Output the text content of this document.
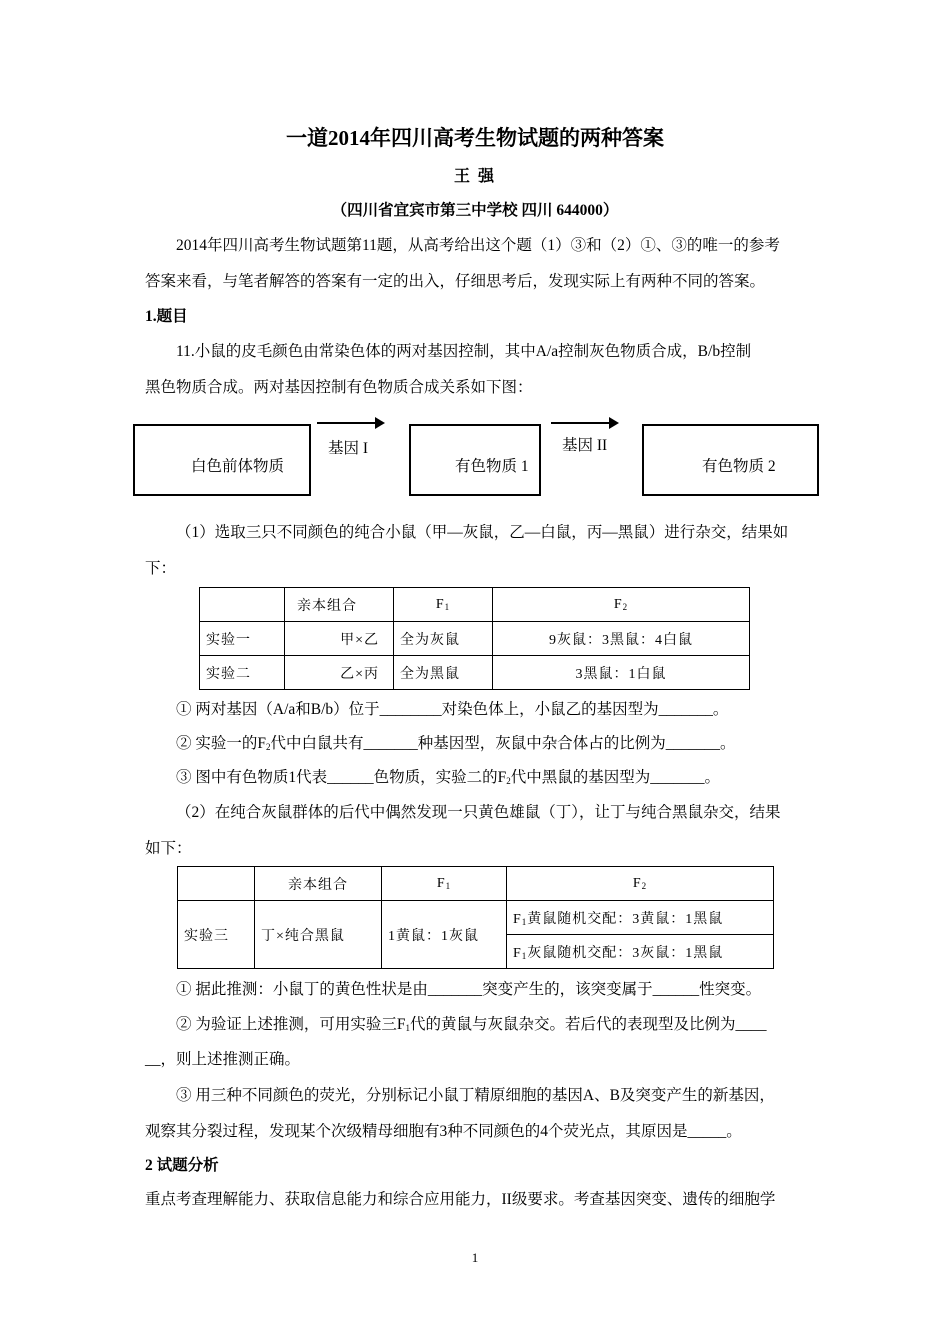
一道2014年四川高考生物试题的两种答案
王 强
（四川省宜宾市第三中学校 四川 644000）
2014年四川高考生物试题第11题，从高考给出这个题（1）③和（2）①、③的唯一的参考
答案来看，与笔者解答的答案有一定的出入，仔细思考后，发现实际上有两种不同的答案。
1.题目
11.小鼠的皮毛颜色由常染色体的两对基因控制，其中A/a控制灰色物质合成，B/b控制
黑色物质合成。两对基因控制有色物质合成关系如下图：
白色前体物质
基因 I
有色物质 1
基因 II
有色物质 2
（1）选取三只不同颜色的纯合小鼠（甲—灰鼠，乙—白鼠，丙—黑鼠）进行杂交，结果如
下：
	亲本组合	$F_1$	$F_2$
实验一	甲×乙	全为灰鼠	9灰鼠：3黑鼠：4白鼠
实验二	乙×丙	全为黑鼠	3黑鼠：1白鼠
① 两对基因（A/a和B/b）位于________对染色体上，小鼠乙的基因型为_______。
② 实验一的$F_2$代中白鼠共有_______种基因型，灰鼠中杂合体占的比例为_______。
③ 图中有色物质1代表______色物质，实验二的$F_2$代中黑鼠的基因型为_______。
（2）在纯合灰鼠群体的后代中偶然发现一只黄色雄鼠（丁），让丁与纯合黑鼠杂交，结果
如下：
	亲本组合	$F_1$	$F_2$
实验三	丁×纯合黑鼠	1黄鼠：1灰鼠	$F_1$黄鼠随机交配：3黄鼠：1黑鼠
			$F_1$灰鼠随机交配：3灰鼠：1黑鼠
① 据此推测：小鼠丁的黄色性状是由_______突变产生的，该突变属于______性突变。
② 为验证上述推测，可用实验三$F_1$代的黄鼠与灰鼠杂交。若后代的表现型及比例为____
__，则上述推测正确。
③ 用三种不同颜色的荧光，分别标记小鼠丁精原细胞的基因A、B及突变产生的新基因，
观察其分裂过程，发现某个次级精母细胞有3种不同颜色的4个荧光点，其原因是_____。
2 试题分析
重点考查理解能力、获取信息能力和综合应用能力，II级要求。考查基因突变、遗传的细胞学
1
